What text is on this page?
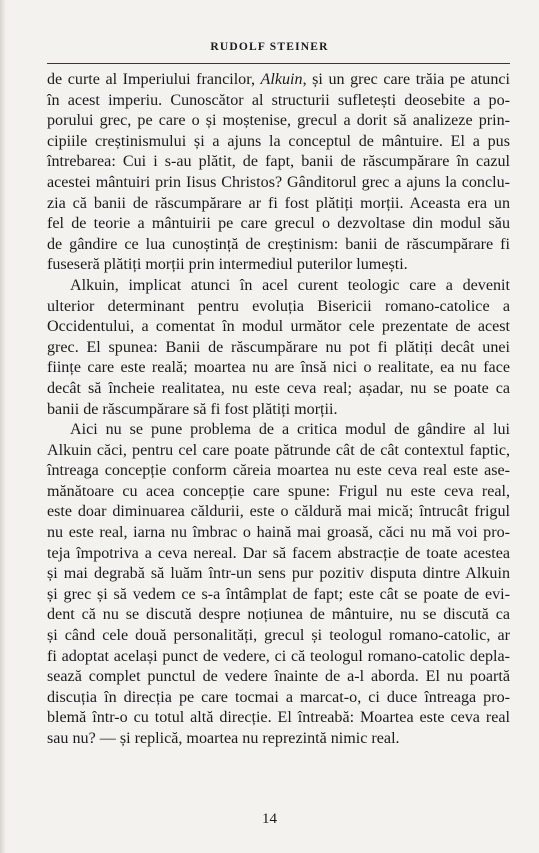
RUDOLF STEINER
de curte al Imperiului francilor, Alkuin, și un grec care trăia pe atunci
în acest imperiu. Cunoscător al structurii sufletești deosebite a po-
porului grec, pe care o și moștenise, grecul a dorit să analizeze prin-
cipiile creștinismului și a ajuns la conceptul de mântuire. El a pus
întrebarea: Cui i s-au plătit, de fapt, banii de răscumpărare în cazul
acestei mântuiri prin Iisus Christos? Gânditorul grec a ajuns la conclu-
zia că banii de răscumpărare ar fi fost plătiți morții. Aceasta era un
fel de teorie a mântuirii pe care grecul o dezvoltase din modul său
de gândire ce lua cunoștință de creștinism: banii de răscumpărare fi
fuseseră plătiți morții prin intermediul puterilor lumești.
Alkuin, implicat atunci în acel curent teologic care a devenit
ulterior determinant pentru evoluția Bisericii romano-catolice a
Occidentului, a comentat în modul următor cele prezentate de acest
grec. El spunea: Banii de răscumpărare nu pot fi plătiți decât unei
ființe care este reală; moartea nu are însă nici o realitate, ea nu face
decât să încheie realitatea, nu este ceva real; așadar, nu se poate ca
banii de răscumpărare să fi fost plătiți morții.
Aici nu se pune problema de a critica modul de gândire al lui
Alkuin căci, pentru cel care poate pătrunde cât de cât contextul faptic,
întreaga concepție conform căreia moartea nu este ceva real este ase-
mănătoare cu acea concepție care spune: Frigul nu este ceva real,
este doar diminuarea căldurii, este o căldură mai mică; întrucât frigul
nu este real, iarna nu îmbrac o haină mai groasă, căci nu mă voi pro-
teja împotriva a ceva nereal. Dar să facem abstracție de toate acestea
și mai degrabă să luăm într-un sens pur pozitiv disputa dintre Alkuin
și grec și să vedem ce s-a întâmplat de fapt; este cât se poate de evi-
dent că nu se discută despre noțiunea de mântuire, nu se discută ca
și când cele două personalități, grecul și teologul romano-catolic, ar
fi adoptat același punct de vedere, ci că teologul romano-catolic depla-
sează complet punctul de vedere înainte de a-l aborda. El nu poartă
discuția în direcția pe care tocmai a marcat-o, ci duce întreaga pro-
blemă într-o cu totul altă direcție. El întreabă: Moartea este ceva real
sau nu? — și replică, moartea nu reprezintă nimic real.
14
